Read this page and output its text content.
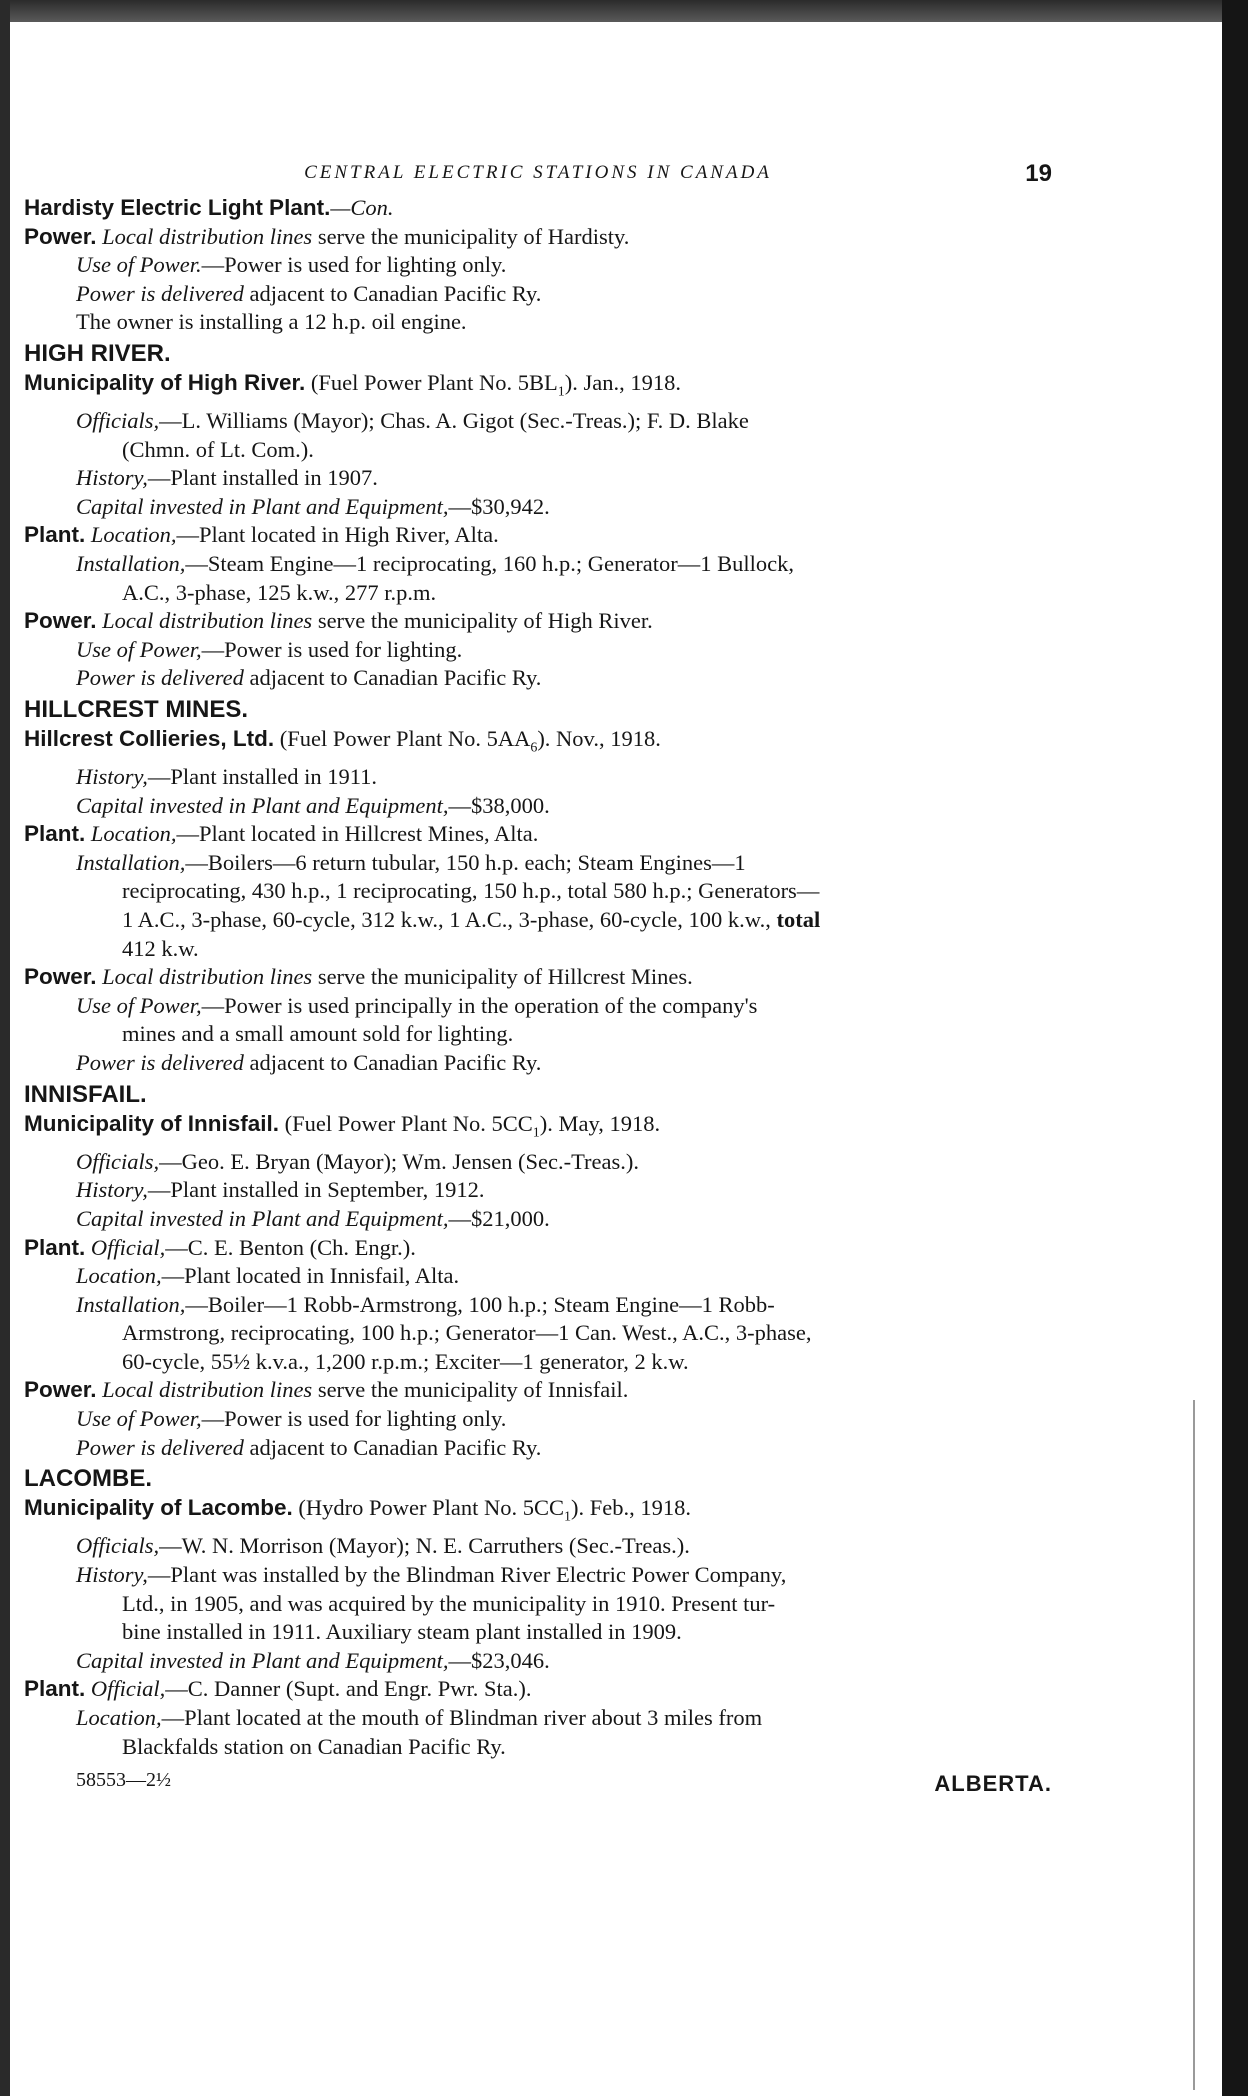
CENTRAL ELECTRIC STATIONS IN CANADA	19
Hardisty Electric Light Plant.—Con.
Power. Local distribution lines serve the municipality of Hardisty.
Use of Power.—Power is used for lighting only.
Power is delivered adjacent to Canadian Pacific Ry.
The owner is installing a 12 h.p. oil engine.
HIGH RIVER.
Municipality of High River. (Fuel Power Plant No. $5BL_1$). Jan., 1918.
Officials,—L. Williams (Mayor); Chas. A. Gigot (Sec.-Treas.); F. D. Blake
(Chmn. of Lt. Com.).
History,—Plant installed in 1907.
Capital invested in Plant and Equipment,—$30,942.
Plant. Location,—Plant located in High River, Alta.
Installation,—Steam Engine—1 reciprocating, 160 h.p.; Generator—1 Bullock,
A.C., 3-phase, 125 k.w., 277 r.p.m.
Power. Local distribution lines serve the municipality of High River.
Use of Power,—Power is used for lighting.
Power is delivered adjacent to Canadian Pacific Ry.
HILLCREST MINES.
Hillcrest Collieries, Ltd. (Fuel Power Plant No. $5AA_6$). Nov., 1918.
History,—Plant installed in 1911.
Capital invested in Plant and Equipment,—$38,000.
Plant. Location,—Plant located in Hillcrest Mines, Alta.
Installation,—Boilers—6 return tubular, 150 h.p. each; Steam Engines—1
reciprocating, 430 h.p., 1 reciprocating, 150 h.p., total 580 h.p.; Generators—
1 A.C., 3-phase, 60-cycle, 312 k.w., 1 A.C., 3-phase, 60-cycle, 100 k.w., total
412 k.w.
Power. Local distribution lines serve the municipality of Hillcrest Mines.
Use of Power,—Power is used principally in the operation of the company's
mines and a small amount sold for lighting.
Power is delivered adjacent to Canadian Pacific Ry.
INNISFAIL.
Municipality of Innisfail. (Fuel Power Plant No. $5CC_1$). May, 1918.
Officials,—Geo. E. Bryan (Mayor); Wm. Jensen (Sec.-Treas.).
History,—Plant installed in September, 1912.
Capital invested in Plant and Equipment,—$21,000.
Plant. Official,—C. E. Benton (Ch. Engr.).
Location,—Plant located in Innisfail, Alta.
Installation,—Boiler—1 Robb-Armstrong, 100 h.p.; Steam Engine—1 Robb-
Armstrong, reciprocating, 100 h.p.; Generator—1 Can. West., A.C., 3-phase,
60-cycle, 55½ k.v.a., 1,200 r.p.m.; Exciter—1 generator, 2 k.w.
Power. Local distribution lines serve the municipality of Innisfail.
Use of Power,—Power is used for lighting only.
Power is delivered adjacent to Canadian Pacific Ry.
LACOMBE.
Municipality of Lacombe. (Hydro Power Plant No. $5CC_1$). Feb., 1918.
Officials,—W. N. Morrison (Mayor); N. E. Carruthers (Sec.-Treas.).
History,—Plant was installed by the Blindman River Electric Power Company,
Ltd., in 1905, and was acquired by the municipality in 1910. Present tur-
bine installed in 1911. Auxiliary steam plant installed in 1909.
Capital invested in Plant and Equipment,—$23,046.
Plant. Official,—C. Danner (Supt. and Engr. Pwr. Sta.).
Location,—Plant located at the mouth of Blindman river about 3 miles from
Blackfalds station on Canadian Pacific Ry.
58553—2½	ALBERTA.
